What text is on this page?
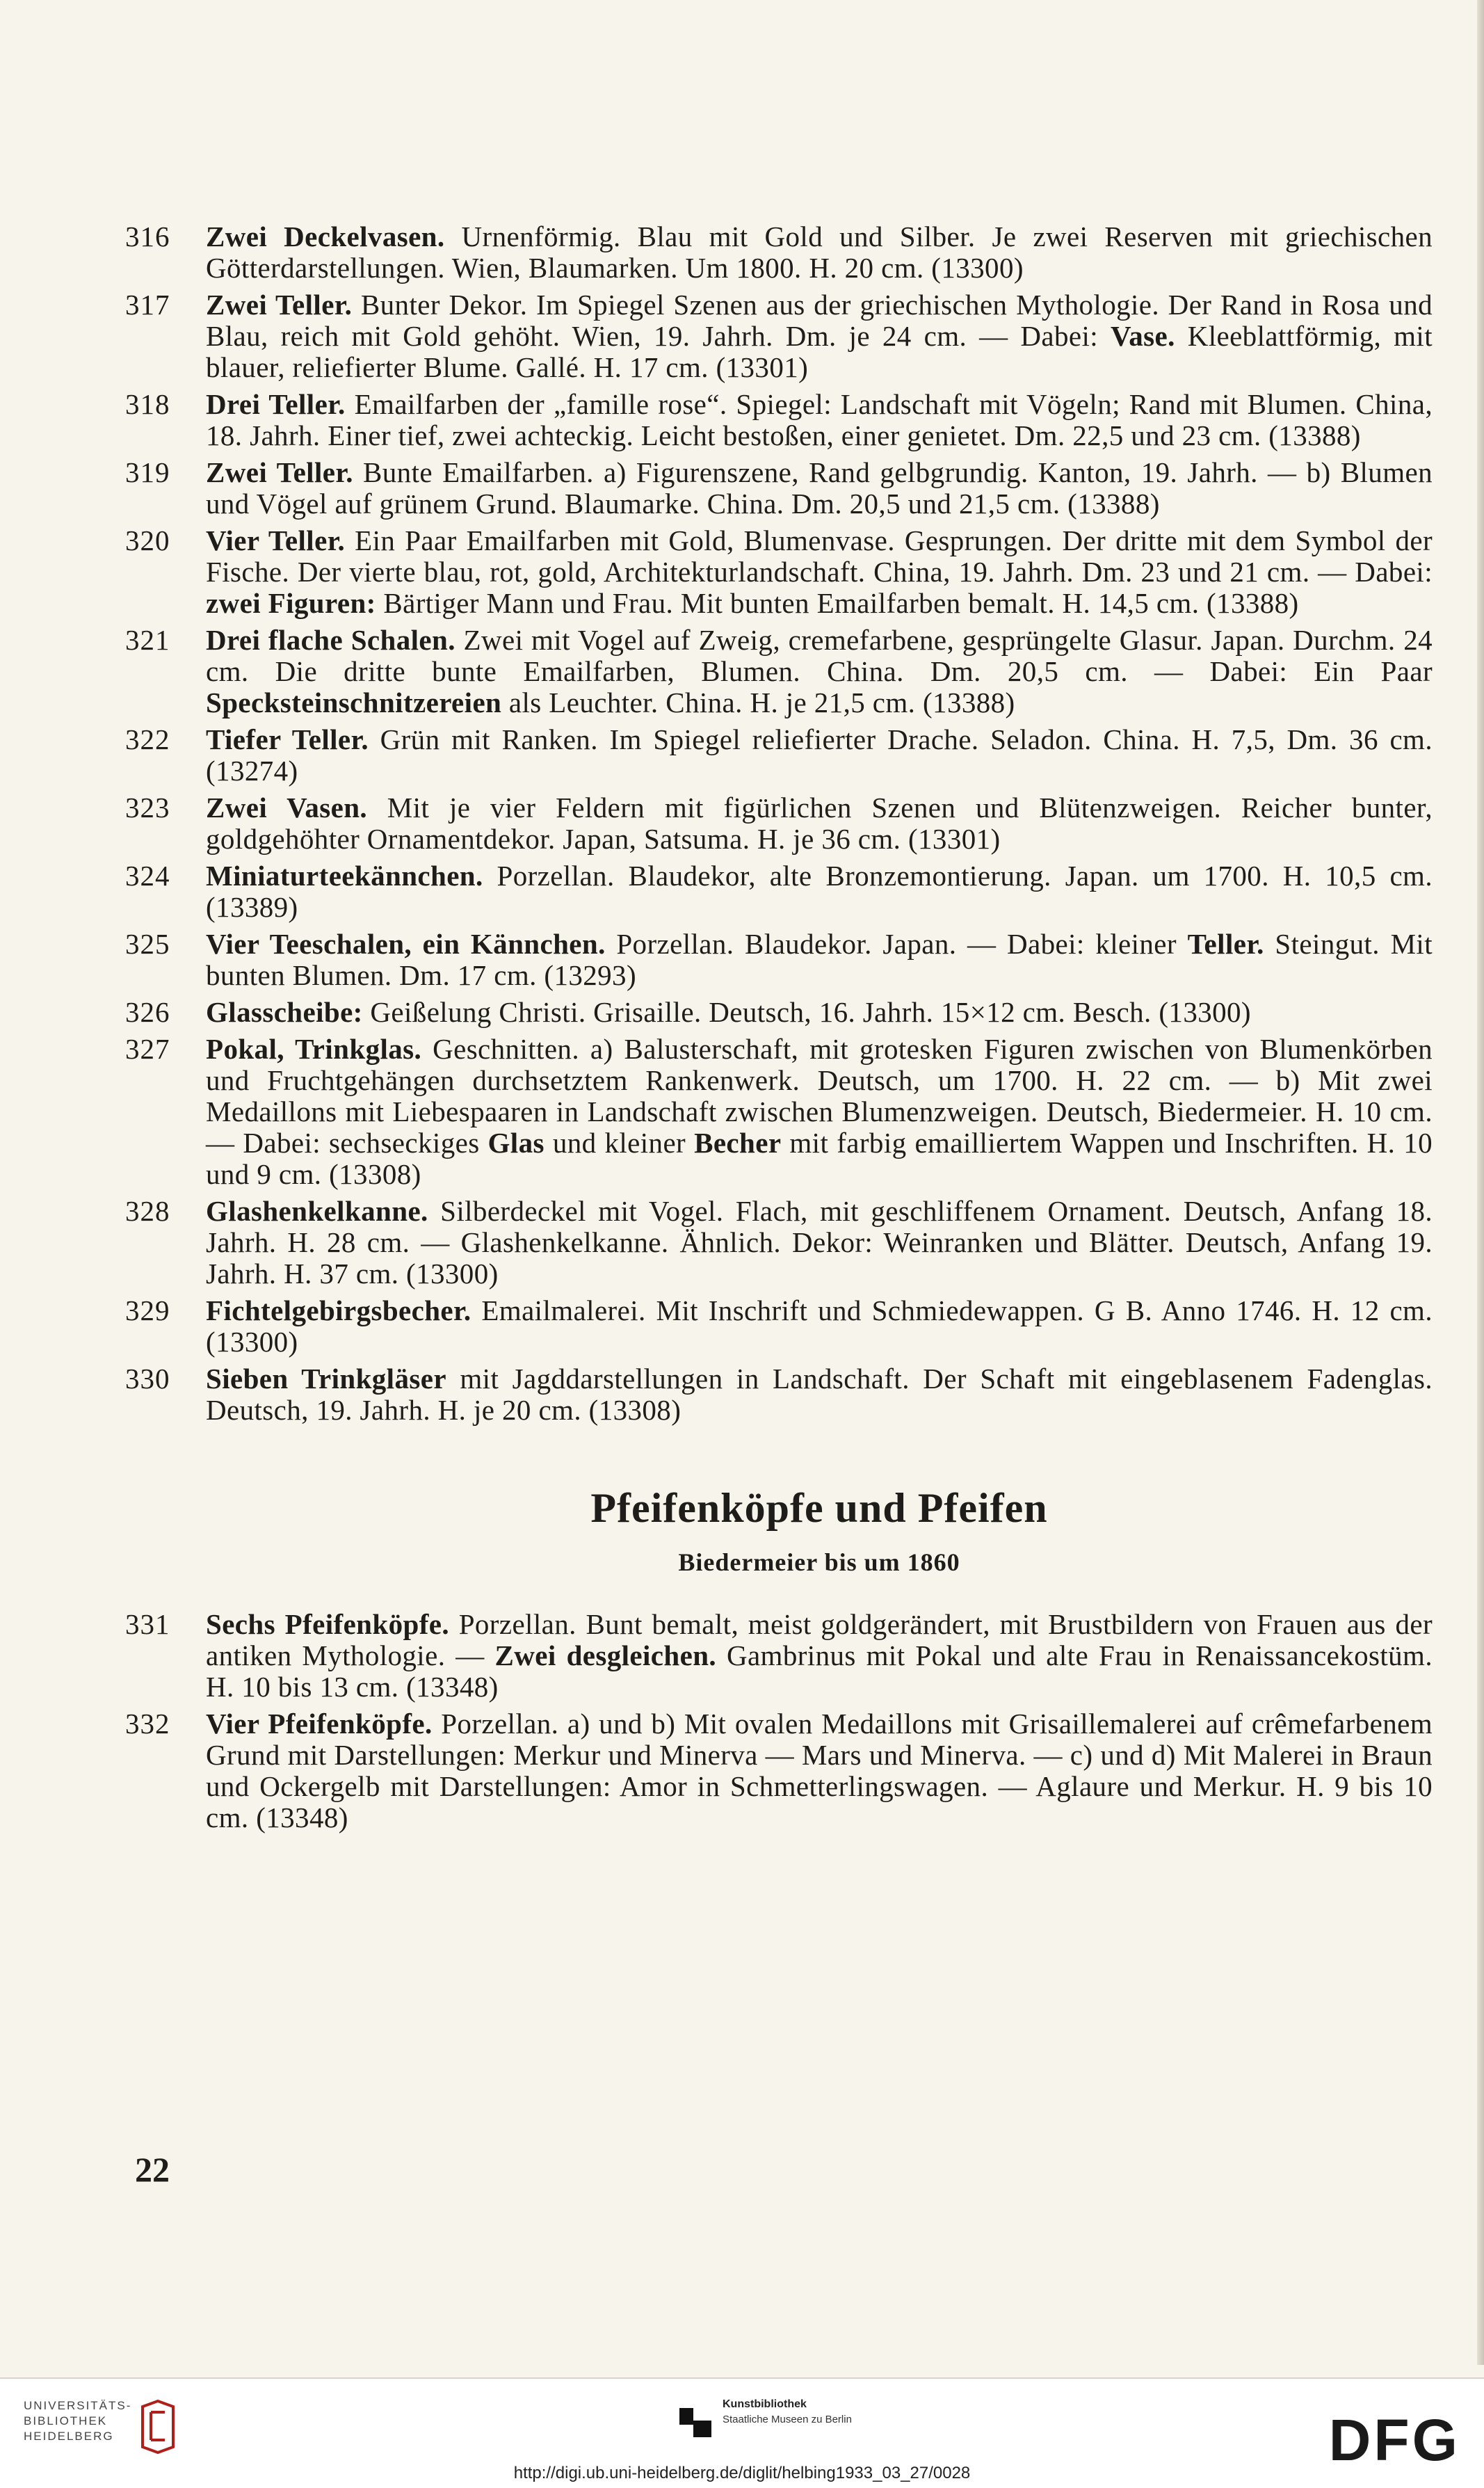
316	Zwei Deckelvasen. Urnenförmig. Blau mit Gold und Silber. Je zwei Reserven mit griechischen Götterdarstellungen. Wien, Blaumarken. Um 1800. H. 20 cm. (13300)
317	Zwei Teller. Bunter Dekor. Im Spiegel Szenen aus der griechischen Mythologie. Der Rand in Rosa und Blau, reich mit Gold gehöht. Wien, 19. Jahrh. Dm. je 24 cm. — Dabei: Vase. Kleeblattförmig, mit blauer, reliefierter Blume. Gallé. H. 17 cm. (13301)
318	Drei Teller. Emailfarben der „famille rose“. Spiegel: Landschaft mit Vögeln; Rand mit Blumen. China, 18. Jahrh. Einer tief, zwei achteckig. Leicht bestoßen, einer genietet. Dm. 22,5 und 23 cm. (13388)
319	Zwei Teller. Bunte Emailfarben. a) Figurenszene, Rand gelbgrundig. Kanton, 19. Jahrh. — b) Blumen und Vögel auf grünem Grund. Blaumarke. China. Dm. 20,5 und 21,5 cm. (13388)
320	Vier Teller. Ein Paar Emailfarben mit Gold, Blumenvase. Gesprungen. Der dritte mit dem Symbol der Fische. Der vierte blau, rot, gold, Architekturlandschaft. China, 19. Jahrh. Dm. 23 und 21 cm. — Dabei: zwei Figuren: Bärtiger Mann und Frau. Mit bunten Emailfarben bemalt. H. 14,5 cm. (13388)
321	Drei flache Schalen. Zwei mit Vogel auf Zweig, cremefarbene, gesprüngelte Glasur. Japan. Durchm. 24 cm. Die dritte bunte Emailfarben, Blumen. China. Dm. 20,5 cm. — Dabei: Ein Paar Specksteinschnitzereien als Leuchter. China. H. je 21,5 cm. (13388)
322	Tiefer Teller. Grün mit Ranken. Im Spiegel reliefierter Drache. Seladon. China. H. 7,5, Dm. 36 cm. (13274)
323	Zwei Vasen. Mit je vier Feldern mit figürlichen Szenen und Blütenzweigen. Reicher bunter, goldgehöhter Ornamentdekor. Japan, Satsuma. H. je 36 cm. (13301)
324	Miniaturteekännchen. Porzellan. Blaudekor, alte Bronzemontierung. Japan. um 1700. H. 10,5 cm. (13389)
325	Vier Teeschalen, ein Kännchen. Porzellan. Blaudekor. Japan. — Dabei: kleiner Teller. Steingut. Mit bunten Blumen. Dm. 17 cm. (13293)
326	Glasscheibe: Geißelung Christi. Grisaille. Deutsch, 16. Jahrh. 15×12 cm. Besch. (13300)
327	Pokal, Trinkglas. Geschnitten. a) Balusterschaft, mit grotesken Figuren zwischen von Blumenkörben und Fruchtgehängen durchsetztem Rankenwerk. Deutsch, um 1700. H. 22 cm. — b) Mit zwei Medaillons mit Liebespaaren in Landschaft zwischen Blumenzweigen. Deutsch, Biedermeier. H. 10 cm. — Dabei: sechseckiges Glas und kleiner Becher mit farbig emailliertem Wappen und Inschriften. H. 10 und 9 cm. (13308)
328	Glashenkelkanne. Silberdeckel mit Vogel. Flach, mit geschliffenem Ornament. Deutsch, Anfang 18. Jahrh. H. 28 cm. — Glashenkelkanne. Ähnlich. Dekor: Weinranken und Blätter. Deutsch, Anfang 19. Jahrh. H. 37 cm. (13300)
329	Fichtelgebirgsbecher. Emailmalerei. Mit Inschrift und Schmiedewappen. G B. Anno 1746. H. 12 cm. (13300)
330	Sieben Trinkgläser mit Jagddarstellungen in Landschaft. Der Schaft mit eingeblasenem Fadenglas. Deutsch, 19. Jahrh. H. je 20 cm. (13308)
Pfeifenköpfe und Pfeifen
Biedermeier bis um 1860
331	Sechs Pfeifenköpfe. Porzellan. Bunt bemalt, meist goldgerändert, mit Brustbildern von Frauen aus der antiken Mythologie. — Zwei desgleichen. Gambrinus mit Pokal und alte Frau in Renaissancekostüm. H. 10 bis 13 cm. (13348)
332	Vier Pfeifenköpfe. Porzellan. a) und b) Mit ovalen Medaillons mit Grisaillemalerei auf crêmefarbenem Grund mit Darstellungen: Merkur und Minerva — Mars und Minerva. — c) und d) Mit Malerei in Braun und Ockergelb mit Darstellungen: Amor in Schmetterlingswagen. — Aglaure und Merkur. H. 9 bis 10 cm. (13348)
22
UNIVERSITÄTS-
BIBLIOTHEK
HEIDELBERG
Kunstbibliothek
Staatliche Museen zu Berlin	DFG
http://digi.ub.uni-heidelberg.de/diglit/helbing1933_03_27/0028
